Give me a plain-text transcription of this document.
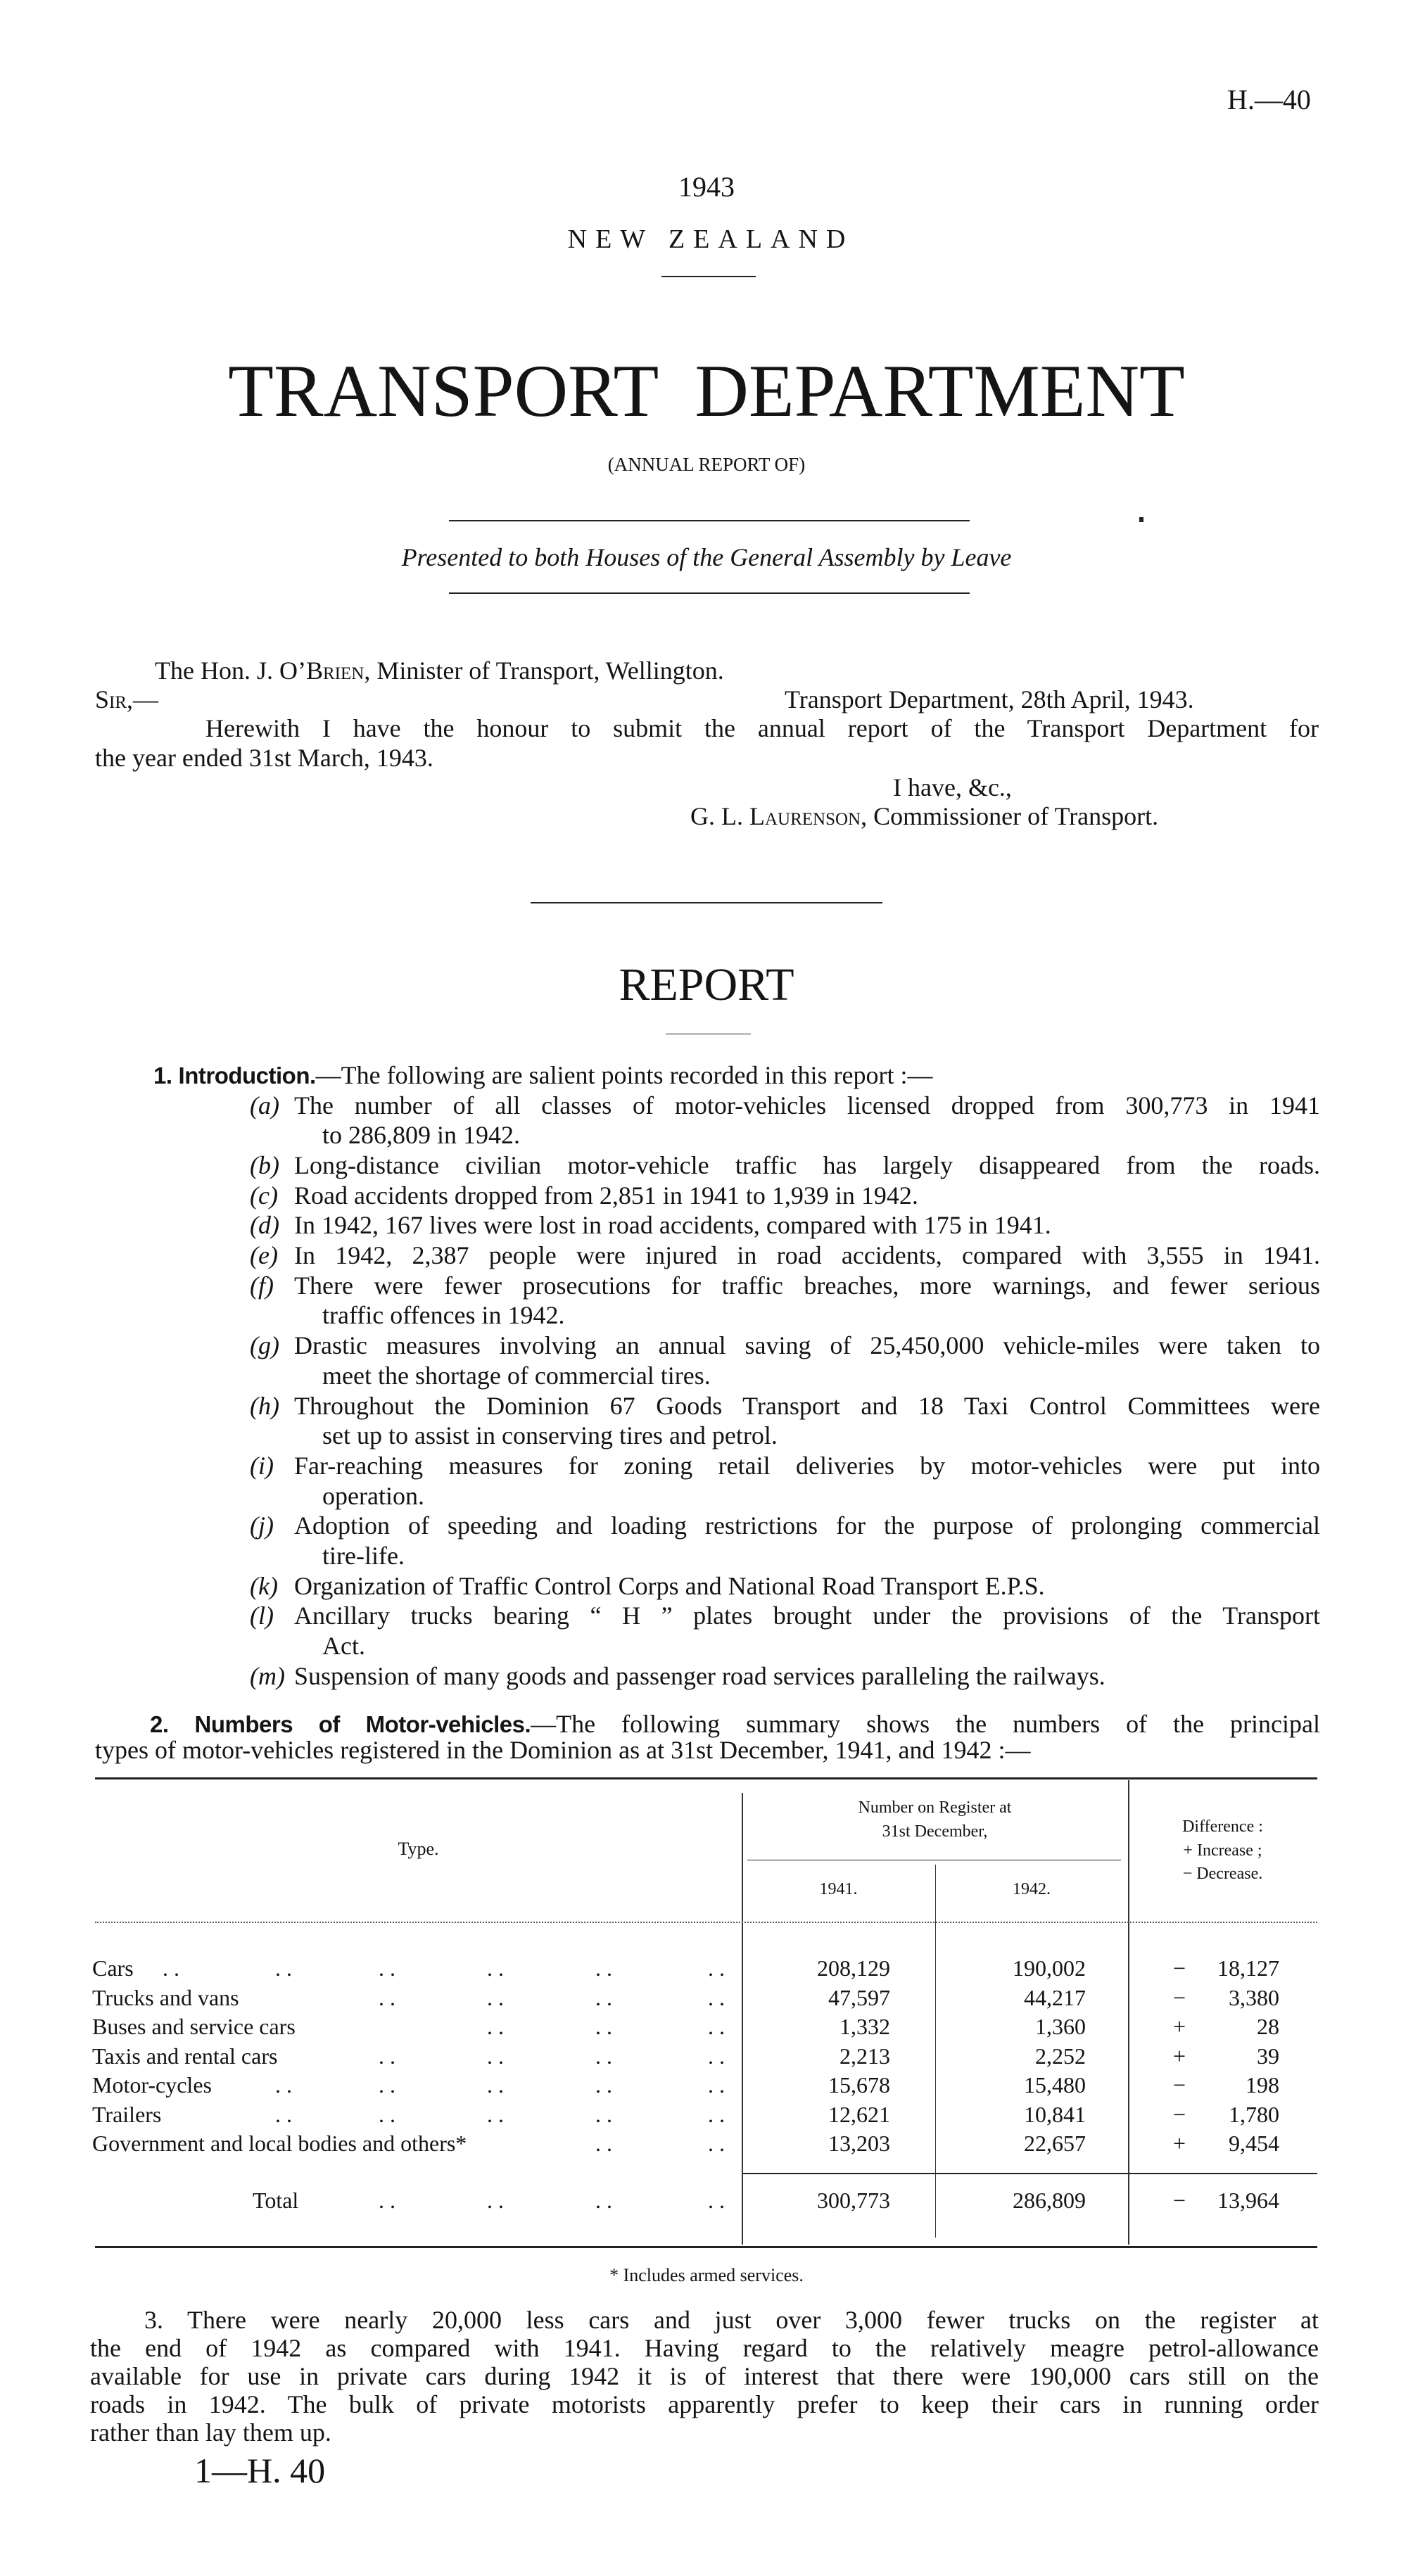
H.—40
1943
NEW ZEALAND
TRANSPORT  DEPARTMENT
(ANNUAL REPORT OF)
Presented to both Houses of the General Assembly by Leave
The Hon. J. O’Brien, Minister of Transport, Wellington.
Sir,—	Transport Department, 28th April, 1943.
Herewith I have the honour to submit the annual report of the Transport Department for
the year ended 31st March, 1943.
I have, &c.,
G. L. Laurenson, Commissioner of Transport.
REPORT
1. Introduction.—The following are salient points recorded in this report :—
(a) The number of all classes of motor-vehicles licensed dropped from 300,773 in 1941
to 286,809 in 1942.
(b) Long-distance civilian motor-vehicle traffic has largely disappeared from the roads.
(c) Road accidents dropped from 2,851 in 1941 to 1,939 in 1942.
(d) In 1942, 167 lives were lost in road accidents, compared with 175 in 1941.
(e) In 1942, 2,387 people were injured in road accidents, compared with 3,555 in 1941.
(f) There were fewer prosecutions for traffic breaches, more warnings, and fewer serious
traffic offences in 1942.
(g) Drastic measures involving an annual saving of 25,450,000 vehicle-miles were taken to
meet the shortage of commercial tires.
(h) Throughout the Dominion 67 Goods Transport and 18 Taxi Control Committees were
set up to assist in conserving tires and petrol.
(i) Far-reaching measures for zoning retail deliveries by motor-vehicles were put into
operation.
(j) Adoption of speeding and loading restrictions for the purpose of prolonging commercial
tire-life.
(k) Organization of Traffic Control Corps and National Road Transport E.P.S.
(l) Ancillary trucks bearing “ H ” plates brought under the provisions of the Transport
Act.
(m) Suspension of many goods and passenger road services paralleling the railways.
2. Numbers of Motor-vehicles.—The following summary shows the numbers of the principal
types of motor-vehicles registered in the Dominion as at 31st December, 1941, and 1942 :—
Type.
Number on Register at
31st December,
1941.	1942.
Difference :
+ Increase ;
− Decrease.
Cars . .	. .	. .	. .	. .	. .	208,129	190,002	−	18,127
Trucks and vans	. .	. .	. .	. .	47,597	44,217	−	3,380
Buses and service cars	. .	. .	. .	1,332	1,360	+	28
Taxis and rental cars	. .	. .	. .	. .	2,213	2,252	+	39
Motor-cycles	. .	. .	. .	. .	. .	15,678	15,480	−	198
Trailers	. .	. .	. .	. .	. .	12,621	10,841	−	1,780
Government and local bodies and others*	. .	. .	13,203	22,657	+	9,454
Total	. .	. .	. .	. .	300,773	286,809	−	13,964
* Includes armed services.
3. There were nearly 20,000 less cars and just over 3,000 fewer trucks on the register at
the end of 1942 as compared with 1941. Having regard to the relatively meagre petrol-allowance
available for use in private cars during 1942 it is of interest that there were 190,000 cars still on the
roads in 1942. The bulk of private motorists apparently prefer to keep their cars in running order
rather than lay them up.
1—H. 40
